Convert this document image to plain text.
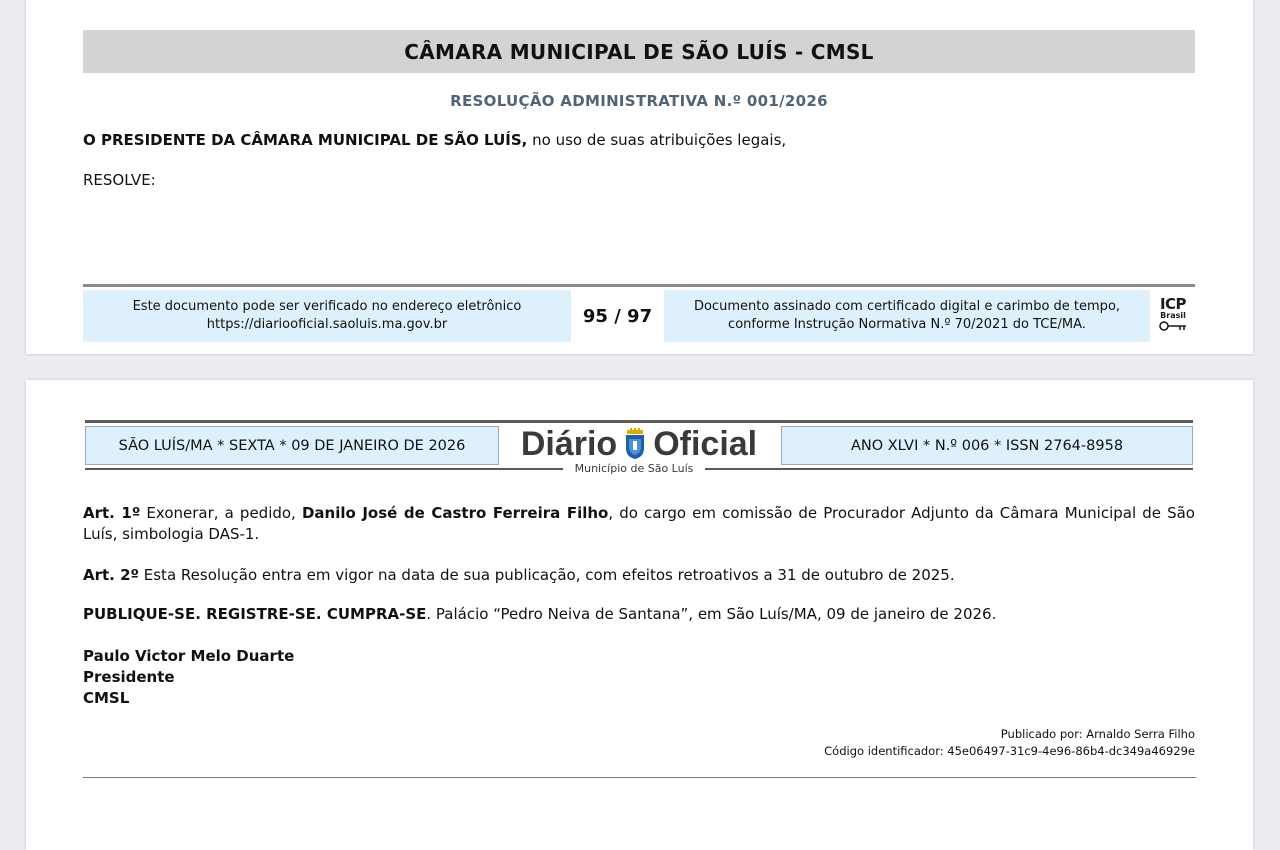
CÂMARA MUNICIPAL DE SÃO LUÍS - CMSL
RESOLUÇÃO ADMINISTRATIVA N.º 001/2026
O PRESIDENTE DA CÂMARA MUNICIPAL DE SÃO LUÍS, no uso de suas atribuições legais,
RESOLVE:
Este documento pode ser verificado no endereço eletrônico
https://diariooficial.saoluis.ma.gov.br	95 / 97	Documento assinado com certificado digital e carimbo de tempo,
conforme Instrução Normativa N.º 70/2021 do TCE/MA.
ICP
Brasil
SÃO LUÍS/MA * SEXTA * 09 DE JANEIRO DE 2026	Diário Oficial	ANO XLVI * N.º 006 * ISSN 2764-8958
Município de São Luís
Art. 1º Exonerar, a pedido, Danilo José de Castro Ferreira Filho, do cargo em comissão de Procurador Adjunto da Câmara Municipal de São Luís, simbologia DAS-1.
Art. 2º Esta Resolução entra em vigor na data de sua publicação, com efeitos retroativos a 31 de outubro de 2025.
PUBLIQUE-SE. REGISTRE-SE. CUMPRA-SE. Palácio “Pedro Neiva de Santana”, em São Luís/MA, 09 de janeiro de 2026.
Paulo Victor Melo Duarte
Presidente
CMSL
Publicado por: Arnaldo Serra Filho
Código identificador: 45e06497-31c9-4e96-86b4-dc349a46929e
